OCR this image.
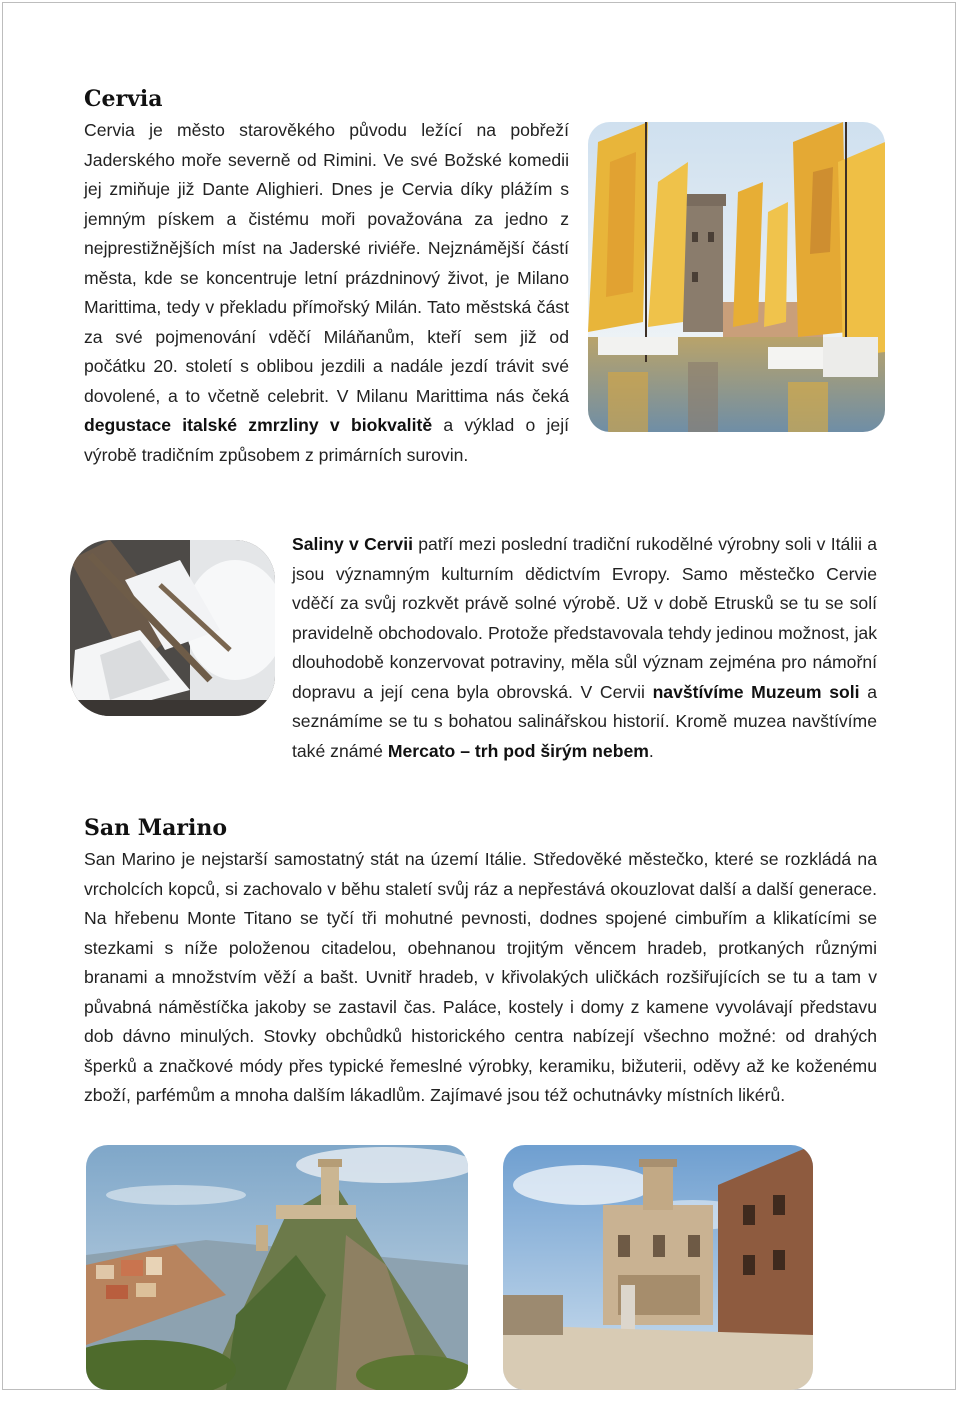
Cervia

Cervia je město starověkého původu ležící na pobřeží Jaderského moře severně od Rimini. Ve své Božské komedii jej zmiňuje již Dante Alighieri. Dnes je Cervia díky plážím s jemným pískem a čistému moři považována za jedno z nejprestižnějších míst na Jaderské riviéře. Nejznámější částí města, kde se koncentruje letní prázdninový život, je Milano Marittima, tedy v překladu přímořský Milán. Tato městská část za své pojmenování vděčí Miláňanům, kteří sem již od počátku 20. století s oblibou jezdili a nadále jezdí trávit své dovolené, a to včetně celebrit. V Milanu Marittima nás čeká degustace italské zmrzliny v biokvalitě a výklad o její výrobě tradičním způsobem z primárních surovin.

Saliny v Cervii patří mezi poslední tradiční rukodělné výrobny soli v Itálii a jsou významným kulturním dědictvím Evropy. Samo městečko Cervie vděčí za svůj rozkvět právě solné výrobě. Už v době Etrusků se tu se solí pravidelně obchodovalo. Protože představovala tehdy jedinou možnost, jak dlouhodobě konzervovat potraviny, měla sůl význam zejména pro námořní dopravu a její cena byla obrovská. V Cervii navštívíme Muzeum soli a seznámíme se tu s bohatou salinářskou historií. Kromě muzea navštívíme také známé Mercato – trh pod širým nebem.

San Marino

San Marino je nejstarší samostatný stát na území Itálie. Středověké městečko, které se rozkládá na vrcholcích kopců, si zachovalo v běhu staletí svůj ráz a nepřestává okouzlovat další a další generace. Na hřebenu Monte Titano se tyčí tři mohutné pevnosti, dodnes spojené cimbuřím a klikatícími se stezkami s níže položenou citadelou, obehnanou trojitým věncem hradeb, protkaných různými branami a množstvím věží a bašt. Uvnitř hradeb, v křivolakých uličkách rozšiřujících se tu a tam v půvabná náměstíčka jakoby se zastavil čas. Paláce, kostely i domy z kamene vyvolávají představu dob dávno minulých. Stovky obchůdků historického centra nabízejí všechno možné: od drahých šperků a značkové módy přes typické řemeslné výrobky, keramiku, bižuterii, oděvy až ke koženému zboží, parfémům a mnoha dalším lákadlům. Zajímavé jsou též ochutnávky místních likérů.
